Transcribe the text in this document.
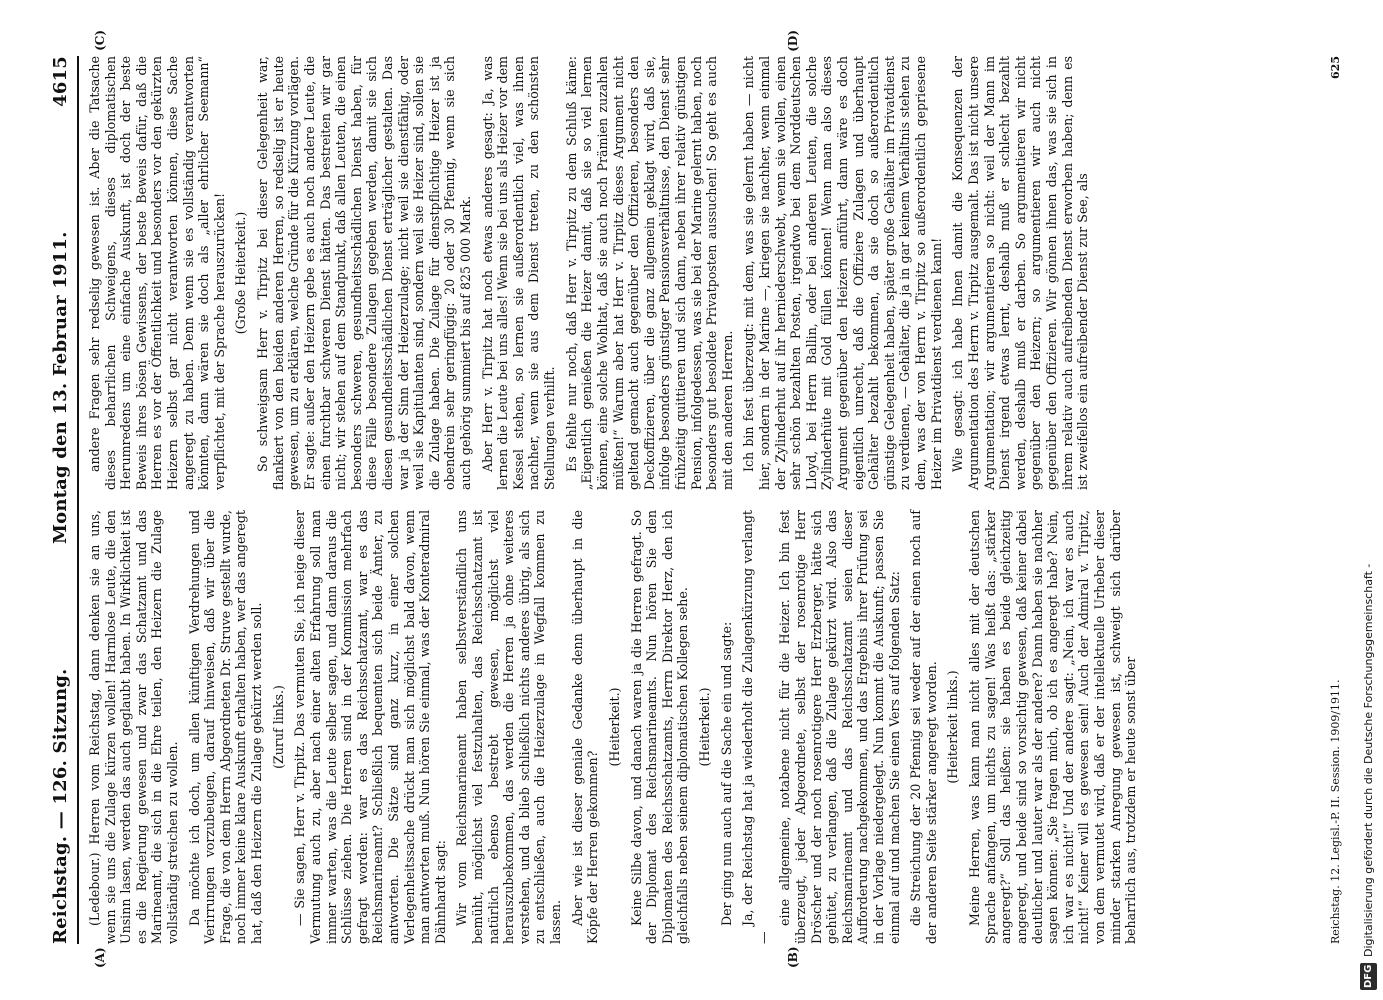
Reichstag. — 126. Sitzung.
Montag den 13. Februar 1911.
4615
(A)	(B)

(Ledebour.) Herren vom Reichstag, dann denken sie an uns, wenn sie uns die Zulage kürzen wollen! Harmlose Leute, die den Unsinn lasen, werden das auch geglaubt haben. In Wirklichkeit ist es die Regierung gewesen und zwar das Schatzamt und das Marineamt, die sich in die Ehre teilen, den Heizern die Zulage vollständig streichen zu wollen. Da möchte ich doch, um allen künftigen Verdrehungen und Verirrungen vorzubeugen, darauf hinweisen, daß wir über die Frage, die von dem Herrn Abgeordneten Dr. Struve gestellt wurde, noch immer keine klare Auskunft erhalten haben, wer das angeregt hat, daß den Heizern die Zulage gekürzt werden soll. (Zuruf links.) — Sie sagen, Herr v. Tirpitz. Das vermuten Sie, ich neige dieser Vermutung auch zu, aber nach einer alten Erfahrung soll man immer warten, was die Leute selber sagen, und dann daraus die Schlüsse ziehen. Die Herren sind in der Kommission mehrfach gefragt worden: war es das Reichsschatzamt, war es das Reichsmarineamt? Schließlich bequemten sich beide Ämter, zu antworten. Die Sätze sind ganz kurz, in einer solchen Verlegenheitssache drückt man sich möglichst bald davon, wenn man antworten muß. Nun hören Sie einmal, was der Konteradmiral Dähnhardt sagt: Wir vom Reichsmarineamt haben selbstverständlich uns bemüht, möglichst viel festzuhalten, das Reichsschatzamt ist natürlich ebenso bestrebt gewesen, möglichst viel herauszubekommen, das werden die Herren ja ohne weiteres verstehen, und da blieb schließlich nichts anderes übrig, als sich zu entschließen, auch die Heizerzulage in Wegfall kommen zu lassen. Aber wie ist dieser geniale Gedanke denn überhaupt in die Köpfe der Herren gekommen?

(Heiterkeit.) Keine Silbe davon, und danach waren ja die Herren gefragt. So der Diplomat des Reichsmarineamts. Nun hören Sie den Diplomaten des Reichsschatzamts, Herrn Direktor Herz, den ich gleichfalls neben seinem diplomatischen Kollegen sehe. (Heiterkeit.) Der ging nun auch auf die Sache ein und sagte: Ja, der Reichstag hat ja wiederholt die Zulagenkürzung verlangt —

eine allgemeine, notabene nicht für die Heizer. Ich bin fest überzeugt, jeder Abgeordnete, selbst der rosenrotige Herr Dröscher und der noch rosenrotigere Herr Erzberger, hätte sich gehütet, zu verlangen, daß die Zulage gekürzt wird. Also das Reichsmarineamt und das Reichsschatzamt seien dieser Aufforderung nachgekommen, und das Ergebnis ihrer Prüfung sei in der Vorlage niedergelegt. Nun kommt die Auskunft; passen Sie einmal auf und machen Sie einen Vers auf folgenden Satz: die Streichung der 20 Pfennig sei weder auf der einen noch auf der anderen Seite stärker angeregt worden. (Heiterkeit links.) Meine Herren, was kann man nicht alles mit der deutschen Sprache anfangen, um nichts zu sagen! Was heißt das: „stärker angeregt?“ Soll das heißen: sie haben es beide gleichzeitig angeregt, und beide sind so vorsichtig gewesen, daß keiner dabei deutlicher und lauter war als der andere? Dann haben sie nachher sagen können: „Sie fragen mich, ob ich es angeregt habe? Nein, ich war es nicht!“ Und der andere sagt: „Nein, ich war es auch nicht!“ Keiner will es gewesen sein! Auch der Admiral v. Tirpitz, von dem vermutet wird, daß er der intellektuelle Urheber dieser minder starken Anregung gewesen ist, schweigt sich darüber beharrlich aus, trotzdem er heute sonst über

(C)	(D)

andere Fragen sehr redselig gewesen ist. Aber die Tatsache dieses beharrlichen Schweigens, dieses diplomatischen Herumredens um eine einfache Auskunft, ist doch der beste Beweis ihres bösen Gewissens, der beste Beweis dafür, daß die Herren es vor der Öffentlichkeit und besonders vor den gekürzten Heizern selbst gar nicht verantworten können, diese Sache angeregt zu haben. Denn wenn sie es vollständig verantworten könnten, dann wären sie doch als „aller ehrlicher Seemann“ verpflichtet, mit der Sprache herauszurücken! (Große Heiterkeit.) So schweigsam Herr v. Tirpitz bei dieser Gelegenheit war, flankiert von den beiden anderen Herren, so redselig ist er heute gewesen, um zu erklären, welche Gründe für die Kürzung vorlägen. Er sagte: außer den Heizern gebe es auch noch andere Leute, die einen furchtbar schweren Dienst hätten. Das bestreiten wir gar nicht; wir stehen auf dem Standpunkt, daß allen Leuten, die einen besonders schweren, gesundheitsschädlichen Dienst haben, für diese Fälle besondere Zulagen gegeben werden, damit sie sich diesen gesundheitsschädlichen Dienst erträglicher gestalten. Das war ja der Sinn der Heizerzulage; nicht weil sie dienstfähig, oder weil sie Kapitulanten sind, sondern weil sie Heizer sind, sollen sie die Zulage haben. Die Zulage für dienstpflichtige Heizer ist ja obendrein sehr geringfügig: 20 oder 30 Pfennig, wenn sie sich auch gehörig summiert bis auf 825 000 Mark. Aber Herr v. Tirpitz hat noch etwas anderes gesagt: Ja, was lernen die Leute bei uns alles! Wenn sie bei uns als Heizer vor dem Kessel stehen, so lernen sie außerordentlich viel, was ihnen nachher, wenn sie aus dem Dienst treten, zu den schönsten Stellungen verhilft. Es fehlte nur noch, daß Herr v. Tirpitz zu dem Schluß käme: „Eigentlich genießen die Heizer damit, daß sie so viel lernen können, eine solche Wohltat, daß sie auch noch Prämien zuzahlen müßten!“ Warum aber hat Herr v. Tirpitz dieses Argument nicht geltend gemacht auch gegenüber den Offizieren, besonders den Deckoffizieren, über die ganz allgemein geklagt wird, daß sie, infolge besonders günstiger Pensionsverhältnisse, den Dienst sehr frühzeitig quittieren und sich dann, neben ihrer relativ günstigen Pension, infolgedessen, was sie bei der Marine gelernt haben, noch besonders gut besoldete Privatposten aussuchen! So geht es auch mit den anderen Herren. Ich bin fest überzeugt: mit dem, was sie gelernt haben — nicht hier, sondern in der Marine —, kriegen sie nachher, wenn einmal der Zylinderhut auf ihr herniederschwebt, wenn sie wollen, einen sehr schön bezahlten Posten, irgendwo bei dem Norddeutschen Lloyd, bei Herrn Ballin, oder bei anderen Leuten, die solche Zylinderhüte mit Gold füllen können! Wenn man also dieses Argument gegenüber den Heizern anführt, dann wäre es doch eigentlich unrecht, daß die Offiziere Zulagen und überhaupt Gehälter bezahlt bekommen, da sie doch so außerordentlich günstige Gelegenheit haben, später große Gehälter im Privatdienst zu verdienen, — Gehälter, die ja in gar keinem Verhältnis stehen zu dem, was der von Herrn v. Tirpitz so außerordentlich gepriesene Heizer im Privatdienst verdienen kann! Wie gesagt: ich habe Ihnen damit die Konsequenzen der Argumentation des Herrn v. Tirpitz ausgemalt. Das ist nicht unsere Argumentation; wir argumentieren so nicht: weil der Mann im Dienst irgend etwas lernt, deshalb muß er schlecht bezahlt werden, deshalb muß er darben. So argumentieren wir nicht gegenüber den Heizern; so argumentieren wir auch nicht gegenüber den Offizieren. Wir gönnen ihnen das, was sie sich in ihrem relativ auch aufreibenden Dienst erworben haben; denn es ist zweifellos ein aufreibender Dienst zur See, als

Reichstag. 12. Legisl.-P. II. Session. 1909/1911.
625
DFG
Digitalisierung gefördert durch die Deutsche Forschungsgemeinschaft -
